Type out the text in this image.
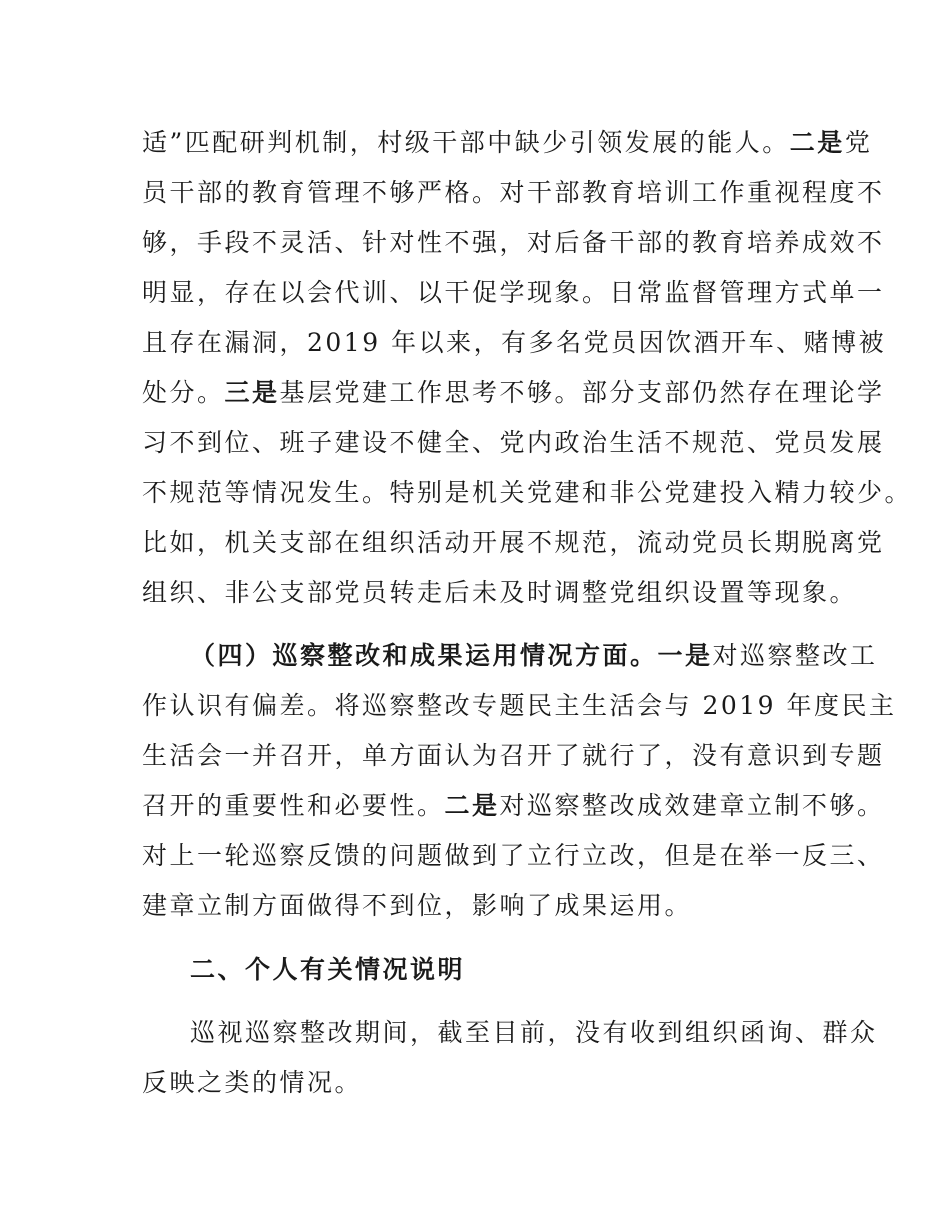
适”匹配研判机制，村级干部中缺少引领发展的能人。二是党
员干部的教育管理不够严格。对干部教育培训工作重视程度不
够，手段不灵活、针对性不强，对后备干部的教育培养成效不
明显，存在以会代训、以干促学现象。日常监督管理方式单一
且存在漏洞，2019 年以来，有多名党员因饮酒开车、赌博被
处分。三是基层党建工作思考不够。部分支部仍然存在理论学
习不到位、班子建设不健全、党内政治生活不规范、党员发展
不规范等情况发生。特别是机关党建和非公党建投入精力较少。
比如，机关支部在组织活动开展不规范，流动党员长期脱离党
组织、非公支部党员转走后未及时调整党组织设置等现象。
（四）巡察整改和成果运用情况方面。一是对巡察整改工
作认识有偏差。将巡察整改专题民主生活会与 2019 年度民主
生活会一并召开，单方面认为召开了就行了，没有意识到专题
召开的重要性和必要性。二是对巡察整改成效建章立制不够。
对上一轮巡察反馈的问题做到了立行立改，但是在举一反三、
建章立制方面做得不到位，影响了成果运用。
二、个人有关情况说明
巡视巡察整改期间，截至目前，没有收到组织函询、群众
反映之类的情况。
